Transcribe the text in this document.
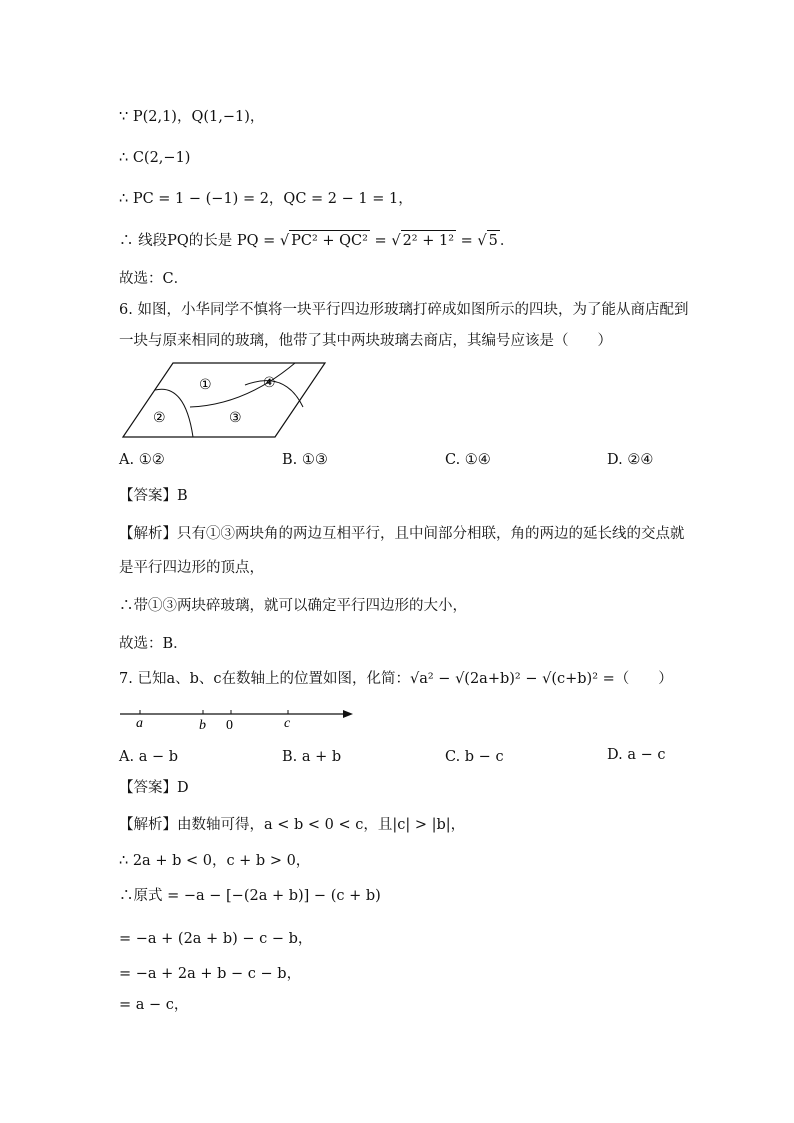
∵ P(2,1)，Q(1,−1)，
∴ C(2,−1)
∴ PC = 1 − (−1) = 2，QC = 2 − 1 = 1，
∴ 线段PQ的长是 PQ = √ PC² + QC² = √ 2² + 1² = √ 5 ．
故选：C．
6. 如图，小华同学不慎将一块平行四边形玻璃打碎成如图所示的四块，为了能从商店配到
一块与原来相同的玻璃，他带了其中两块玻璃去商店，其编号应该是（　　）
①
②	③
④
A. ①②	B. ①③	C. ①④	D. ②④
【答案】B
【解析】只有①③两块角的两边互相平行，且中间部分相联，角的两边的延长线的交点就
是平行四边形的顶点，
∴带①③两块碎玻璃，就可以确定平行四边形的大小，
故选：B．
7. 已知a、b、c在数轴上的位置如图，化简：√a² − √(2a+b)² − √(c+b)² =（　　）
a	b 0	c
A. a − b	B. a + b	C. b − c	D. a − c
【答案】D
【解析】由数轴可得，a < b < 0 < c，且|c| > |b|，
∴ 2a + b < 0，c + b > 0，
∴原式 = −a − [−(2a + b)] − (c + b)
= −a + (2a + b) − c − b，
= −a + 2a + b − c − b，
= a − c，
